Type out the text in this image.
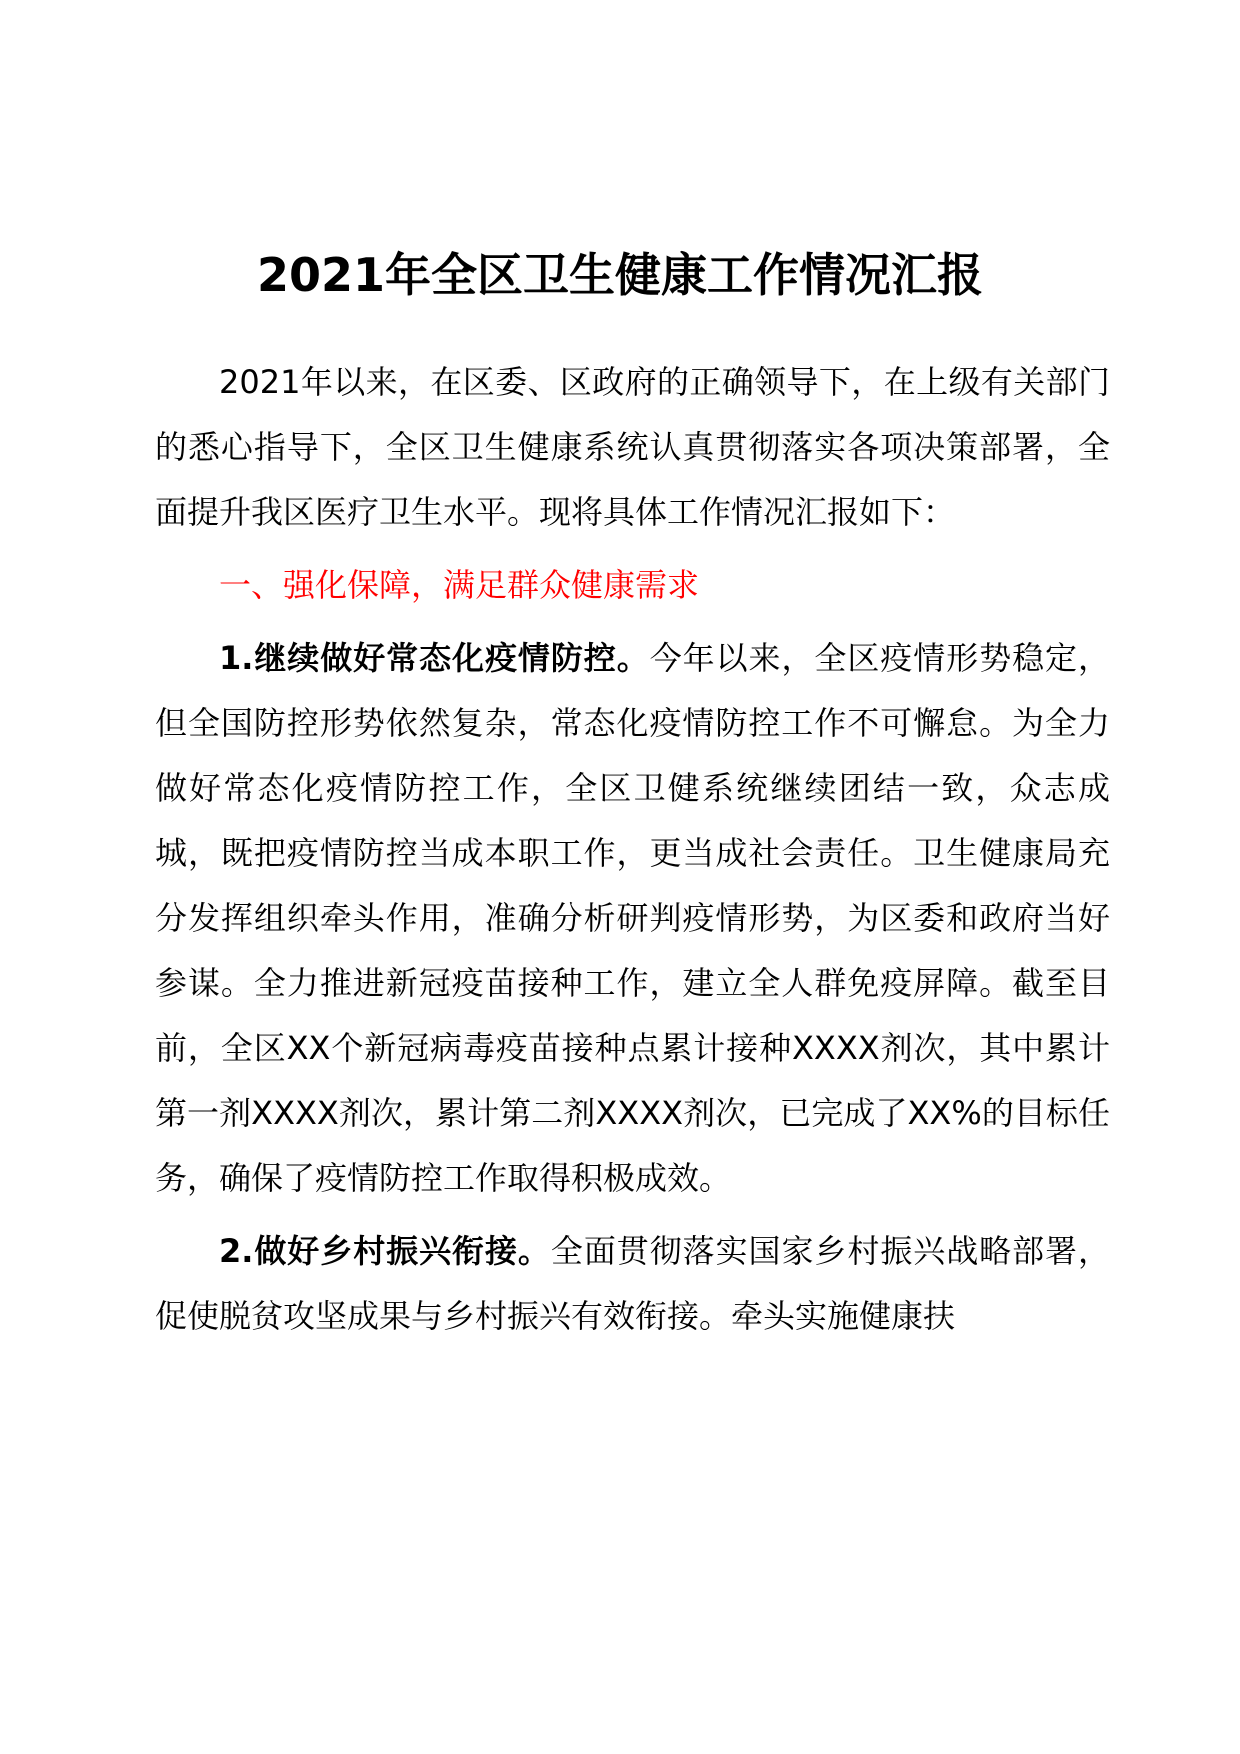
2021年全区卫生健康工作情况汇报

2021年以来，在区委、区政府的正确领导下，在上级有关部门的悉心指导下，全区卫生健康系统认真贯彻落实各项决策部署，全面提升我区医疗卫生水平。现将具体工作情况汇报如下：

一、强化保障，满足群众健康需求

1.继续做好常态化疫情防控。今年以来，全区疫情形势稳定，但全国防控形势依然复杂，常态化疫情防控工作不可懈怠。为全力做好常态化疫情防控工作，全区卫健系统继续团结一致，众志成城，既把疫情防控当成本职工作，更当成社会责任。卫生健康局充分发挥组织牵头作用，准确分析研判疫情形势，为区委和政府当好参谋。全力推进新冠疫苗接种工作，建立全人群免疫屏障。截至目前，全区XX个新冠病毒疫苗接种点累计接种XXXX剂次，其中累计第一剂XXXX剂次，累计第二剂XXXX剂次，已完成了XX%的目标任务，确保了疫情防控工作取得积极成效。

2.做好乡村振兴衔接。全面贯彻落实国家乡村振兴战略部署，促使脱贫攻坚成果与乡村振兴有效衔接。牵头实施健康扶
